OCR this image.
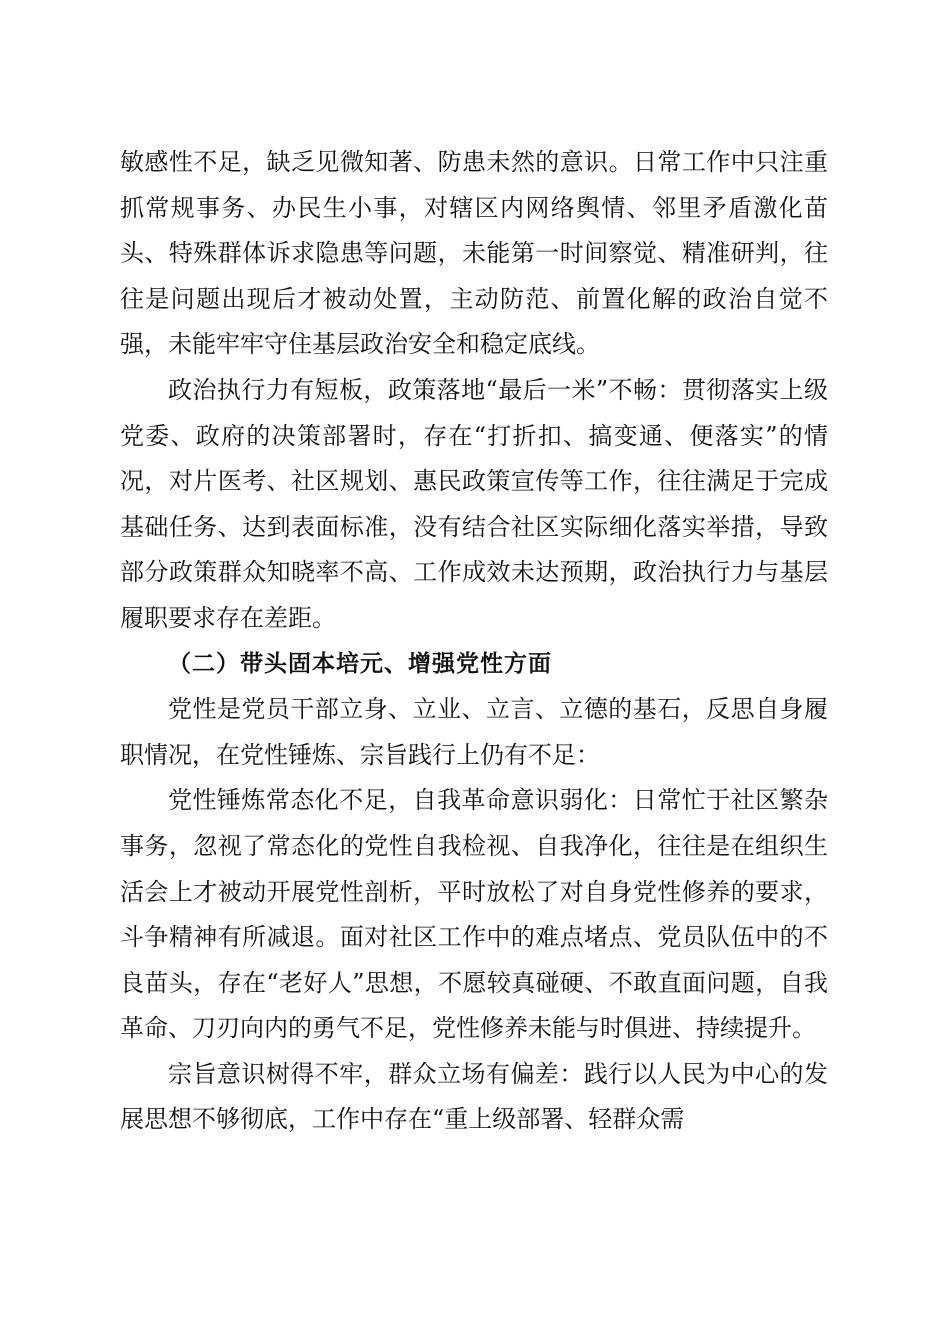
敏感性不足，缺乏见微知著、防患未然的意识。日常工作中只注重抓常规事务、办民生小事，对辖区内网络舆情、邻里矛盾激化苗头、特殊群体诉求隐患等问题，未能第一时间察觉、精准研判，往往是问题出现后才被动处置，主动防范、前置化解的政治自觉不强，未能牢牢守住基层政治安全和稳定底线。

政治执行力有短板，政策落地“最后一米”不畅：贯彻落实上级党委、政府的决策部署时，存在“打折扣、搞变通、便落实”的情况，对片医考、社区规划、惠民政策宣传等工作，往往满足于完成基础任务、达到表面标准，没有结合社区实际细化落实举措，导致部分政策群众知晓率不高、工作成效未达预期，政治执行力与基层履职要求存在差距。

（二）带头固本培元、增强党性方面

党性是党员干部立身、立业、立言、立德的基石，反思自身履职情况，在党性锤炼、宗旨践行上仍有不足：

党性锤炼常态化不足，自我革命意识弱化：日常忙于社区繁杂事务，忽视了常态化的党性自我检视、自我净化，往往是在组织生活会上才被动开展党性剖析，平时放松了对自身党性修养的要求，斗争精神有所减退。面对社区工作中的难点堵点、党员队伍中的不良苗头，存在“老好人”思想，不愿较真碰硬、不敢直面问题，自我革命、刀刃向内的勇气不足，党性修养未能与时俱进、持续提升。

宗旨意识树得不牢，群众立场有偏差：践行以人民为中心的发展思想不够彻底，工作中存在“重上级部署、轻群众需
